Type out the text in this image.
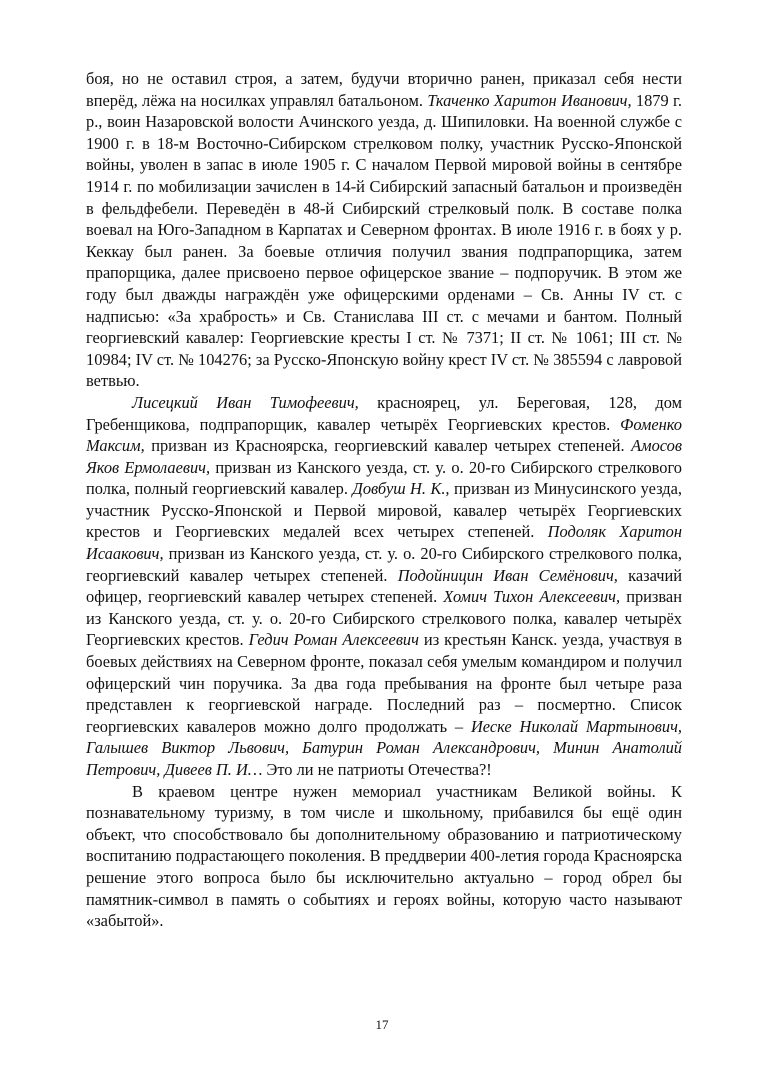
боя, но не оставил строя, а затем, будучи вторично ранен, приказал себя нести вперёд, лёжа на носилках управлял батальоном. Ткаченко Харитон Иванович, 1879 г. р., воин Назаровской волости Ачинского уезда, д. Шипиловки. На военной службе с 1900 г. в 18-м Восточно-Сибирском стрелковом полку, участник Русско-Японской войны, уволен в запас в июле 1905 г. С началом Первой мировой войны в сентябре 1914 г. по мобилизации зачислен в 14-й Сибирский запасный батальон и произведён в фельдфебели. Переведён в 48-й Сибирский стрелковый полк. В составе полка воевал на Юго-Западном в Карпатах и Северном фронтах. В июле 1916 г. в боях у р. Кеккау был ранен. За боевые отличия получил звания подпрапорщика, затем прапорщика, далее присвоено первое офицерское звание – подпоручик. В этом же году был дважды награждён уже офицерскими орденами – Св. Анны IV ст. с надписью: «За храбрость» и Св. Станислава III ст. с мечами и бантом. Полный георгиевский кавалер: Георгиевские кресты I ст. № 7371; II ст. № 1061; III ст. № 10984; IV ст. № 104276; за Русско-Японскую войну крест IV ст. № 385594 с лавровой ветвью.

Лисецкий Иван Тимофеевич, красноярец, ул. Береговая, 128, дом Гребенщикова, подпрапорщик, кавалер четырёх Георгиевских крестов. Фоменко Максим, призван из Красноярска, георгиевский кавалер четырех степеней. Амосов Яков Ермолаевич, призван из Канского уезда, ст. у. о. 20-го Сибирского стрелкового полка, полный георгиевский кавалер. Довбуш Н. К., призван из Минусинского уезда, участник Русско-Японской и Первой мировой, кавалер четырёх Георгиевских крестов и Георгиевских медалей всех четырех степеней. Подоляк Харитон Исаакович, призван из Канского уезда, ст. у. о. 20-го Сибирского стрелкового полка, георгиевский кавалер четырех степеней. Подойницин Иван Семёнович, казачий офицер, георгиевский кавалер четырех степеней. Хомич Тихон Алексеевич, призван из Канского уезда, ст. у. о. 20-го Сибирского стрелкового полка, кавалер четырёх Георгиевских крестов. Гедич Роман Алексеевич из крестьян Канск. уезда, участвуя в боевых действиях на Северном фронте, показал себя умелым командиром и получил офицерский чин поручика. За два года пребывания на фронте был четыре раза представлен к георгиевской награде. Последний раз – посмертно. Список георгиевских кавалеров можно долго продолжать – Иеске Николай Мартынович, Галышев Виктор Львович, Батурин Роман Александрович, Минин Анатолий Петрович, Дивеев П. И… Это ли не патриоты Отечества?!

В краевом центре нужен мемориал участникам Великой войны. К познавательному туризму, в том числе и школьному, прибавился бы ещё один объект, что способствовало бы дополнительному образованию и патриотическому воспитанию подрастающего поколения. В преддверии 400-летия города Красноярска решение этого вопроса было бы исключительно актуально – город обрел бы памятник-символ в память о событиях и героях войны, которую часто называют «забытой».

17
